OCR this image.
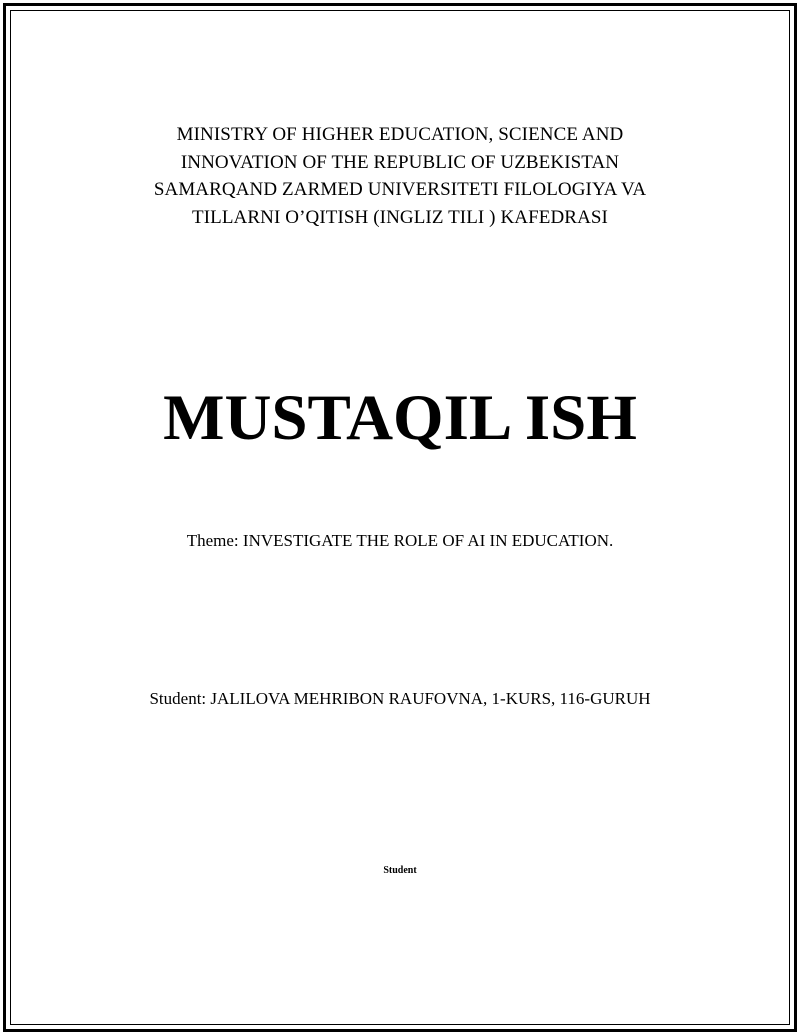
MINISTRY OF HIGHER EDUCATION, SCIENCE AND
INNOVATION OF THE REPUBLIC OF UZBEKISTAN
SAMARQAND ZARMED UNIVERSITETI FILOLOGIYA VA
TILLARNI O’QITISH (INGLIZ TILI ) KAFEDRASI
MUSTAQIL ISH
Theme: INVESTIGATE THE ROLE OF AI IN EDUCATION.
Student: JALILOVA MEHRIBON RAUFOVNA, 1-KURS, 116-GURUH
Student
